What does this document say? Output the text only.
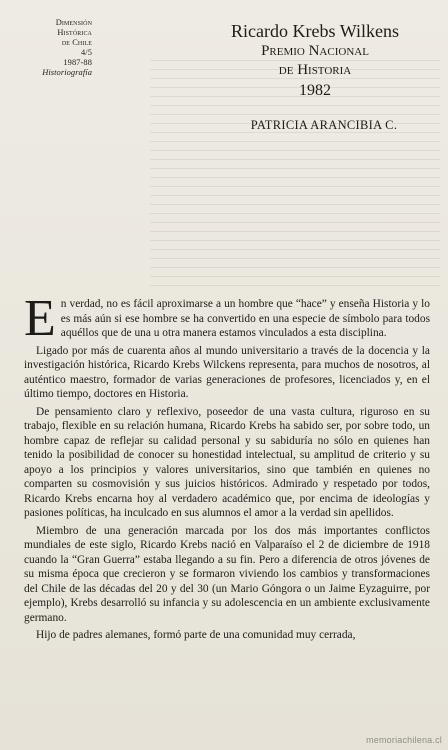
Dimensión
Histórica
de Chile
4/5
1987-88
Historiografía
Ricardo Krebs Wilkens
Premio Nacional
de Historia
1982
PATRICIA ARANCIBIA C.

En verdad, no es fácil aproximarse a un hombre que “hace” y enseña Historia y lo es más aún si ese hombre se ha convertido en una especie de símbolo para todos aquéllos que de una u otra manera estamos vinculados a esta disciplina.

Ligado por más de cuarenta años al mundo universitario a través de la docencia y la investigación histórica, Ricardo Krebs Wilckens representa, para muchos de nosotros, al auténtico maestro, formador de varias generaciones de profesores, licenciados y, en el último tiempo, doctores en Historia.

De pensamiento claro y reflexivo, poseedor de una vasta cultura, riguroso en su trabajo, flexible en su relación humana, Ricardo Krebs ha sabido ser, por sobre todo, un hombre capaz de reflejar su calidad personal y su sabiduría no sólo en quienes han tenido la posibilidad de conocer su honestidad intelectual, su amplitud de criterio y su apoyo a los principios y valores universitarios, sino que también en quienes no comparten su cosmovisión y sus juicios históricos. Admirado y respetado por todos, Ricardo Krebs encarna hoy al verdadero académico que, por encima de ideologías y pasiones políticas, ha inculcado en sus alumnos el amor a la verdad sin apellidos.

Miembro de una generación marcada por los dos más importantes conflictos mundiales de este siglo, Ricardo Krebs nació en Valparaíso el 2 de diciembre de 1918 cuando la “Gran Guerra” estaba llegando a su fin. Pero a diferencia de otros jóvenes de su misma época que crecieron y se formaron viviendo los cambios y transformaciones del Chile de las décadas del 20 y del 30 (un Mario Góngora o un Jaime Eyzaguirre, por ejemplo), Krebs desarrolló su infancia y su adolescencia en un ambiente exclusivamente germano.

Hijo de padres alemanes, formó parte de una comunidad muy cerrada,

memoriachilena.cl
